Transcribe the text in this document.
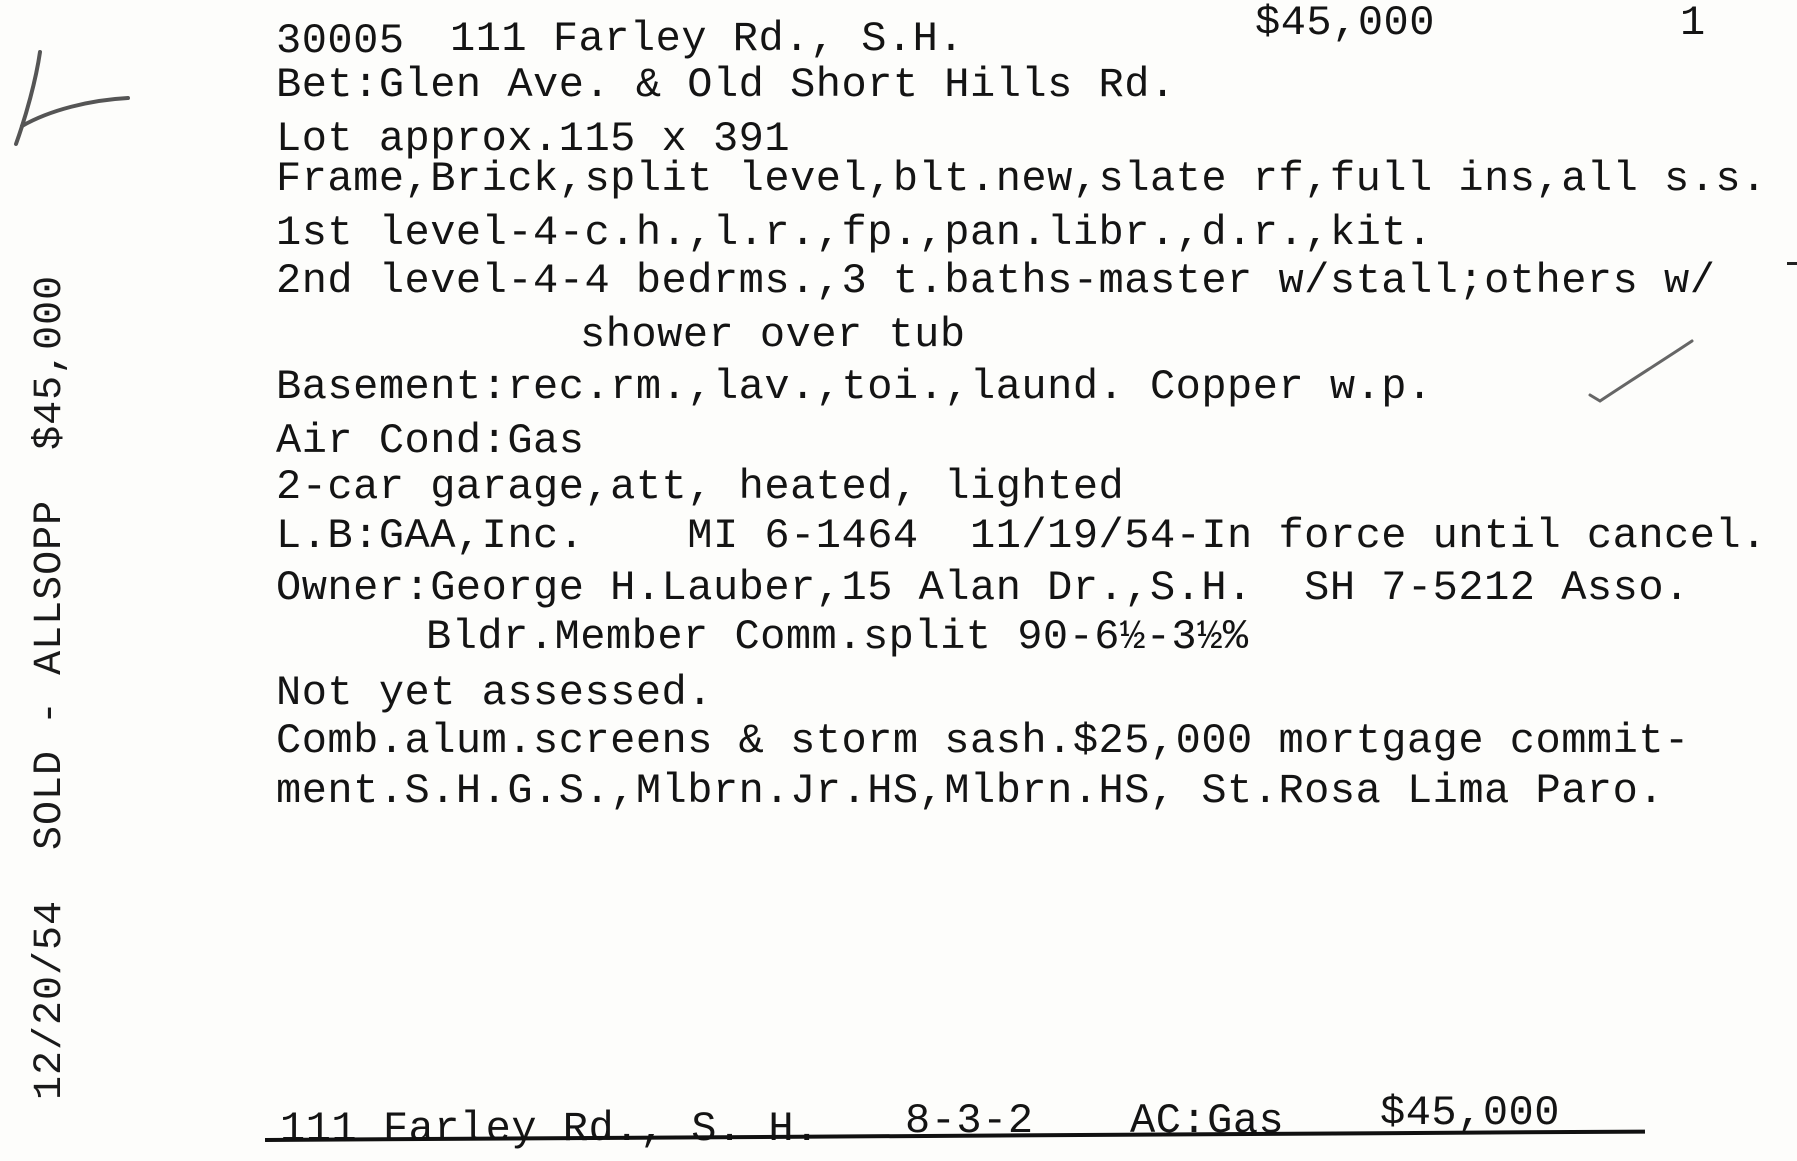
30005 111 Farley Rd., S.H.	$45,000	1
Bet:Glen Ave. & Old Short Hills Rd.
Lot approx.115 x 391
Frame,Brick,split level,blt.new,slate rf,full ins,all s.s.
1st level-4-c.h.,l.r.,fp.,pan.libr.,d.r.,kit.
2nd level-4-4 bedrms.,3 t.baths-master w/stall;others w/
shower over tub
Basement:rec.rm.,lav.,toi.,laund. Copper w.p.
Air Cond:Gas
2-car garage,att, heated, lighted
L.B:GAA,Inc.    MI 6-1464  11/19/54-In force until cancel.
Owner:George H.Lauber,15 Alan Dr.,S.H.  SH 7-5212 Asso.
Bldr.Member Comm.split 90-6½-3½%
Not yet assessed.
Comb.alum.screens & storm sash.$25,000 mortgage commit-
ment.S.H.G.S.,Mlbrn.Jr.HS,Mlbrn.HS, St.Rosa Lima Paro.
12/20/54  SOLD - ALLSOPP  $45,000
111 Farley Rd., S. H. 8-3-2 AC:Gas $45,000
